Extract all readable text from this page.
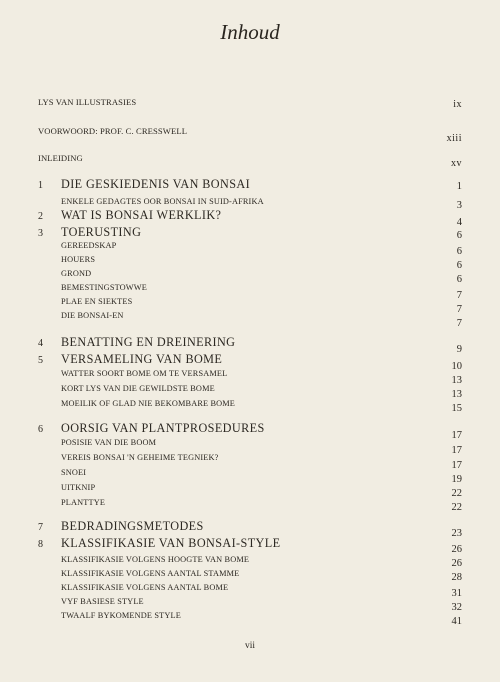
Inhoud
LYS VAN ILLUSTRASIES	ix
VOORWOORD: PROF. C. CRESSWELL
xiii
INLEIDING	xv
1 DIE GESKIEDENIS VAN BONSAI
ENKELE GEDAGTES OOR BONSAI IN SUID-AFRIKA
2 WAT IS BONSAI WERKLIK?
3 TOERUSTING
GEREEDSKAP
HOUERS
GROND
BEMESTINGSTOWWE
PLAE EN SIEKTES
DIE BONSAI-EN
4 BENATTING EN DREINERING
5 VERSAMELING VAN BOME
WATTER SOORT BOME OM TE VERSAMEL
KORT LYS VAN DIE GEWILDSTE BOME
MOEILIK OF GLAD NIE BEKOMBARE BOME
6 OORSIG VAN PLANTPROSEDURES
POSISIE VAN DIE BOOM
VEREIS BONSAI 'N GEHEIME TEGNIEK?
SNOEI
UITKNIP
PLANTTYE
7 BEDRADINGSMETODES
8 KLASSIFIKASIE VAN BONSAI-STYLE
KLASSIFIKASIE VOLGENS HOOGTE VAN BOME
KLASSIFIKASIE VOLGENS AANTAL STAMME
KLASSIFIKASIE VOLGENS AANTAL BOME
VYF BASIESE STYLE
TWAALF BYKOMENDE STYLE
1
3
4
6
6
6
6
7
7
7
9
10
13
13
15
17
17
17
19
22
22
23
26
26
28
31
32
41
vii
